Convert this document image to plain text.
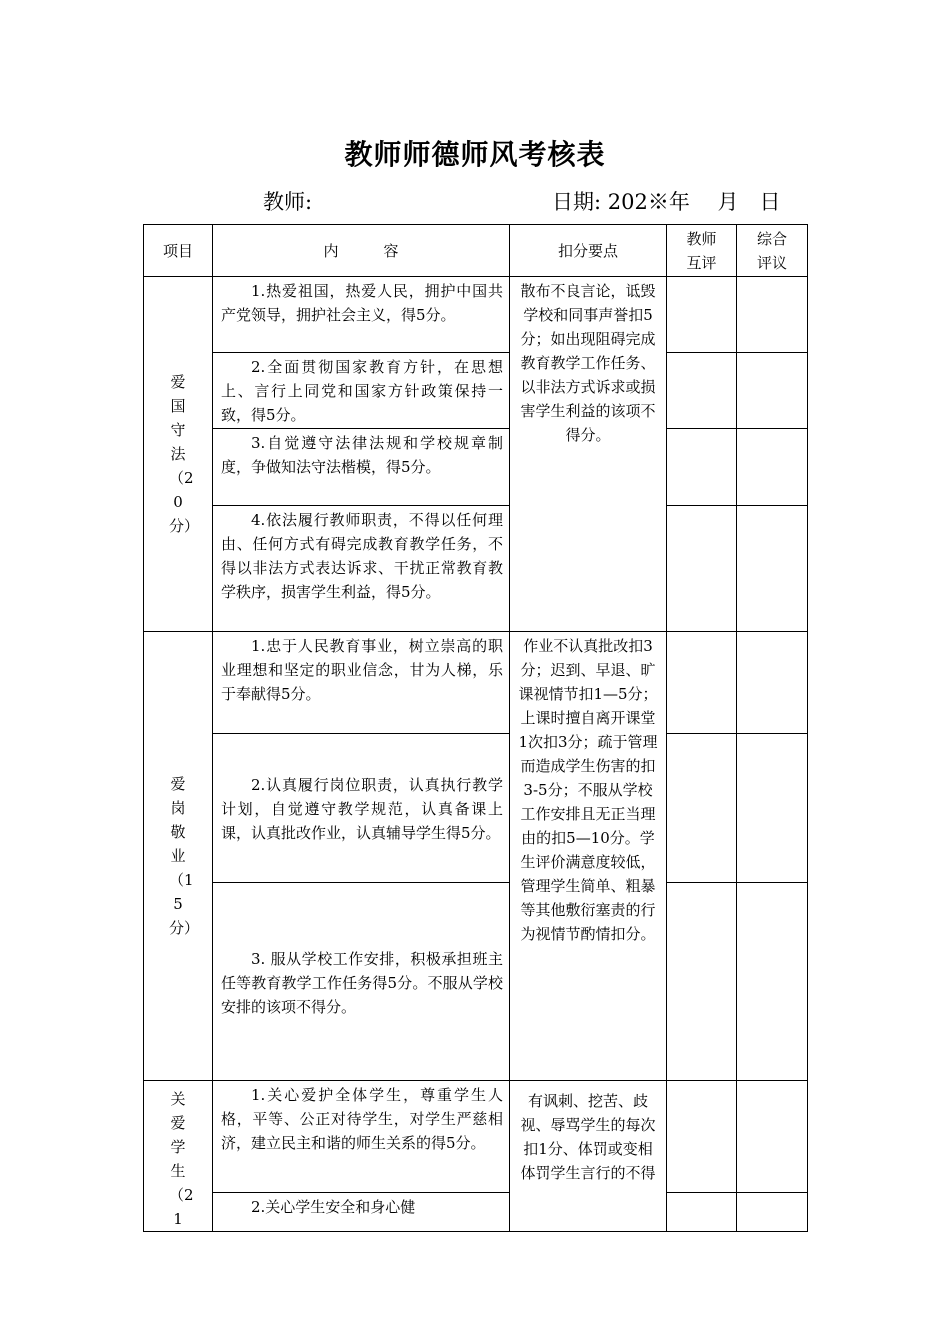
教师师德师风考核表
教师:	日期: 202※年　 月　日
项目	内　　　容	扣分要点	教师互评	综合评议

爱国守法（20分）	1.热爱祖国，热爱人民，拥护中国共产党领导，拥护社会主义，得5分。	散布不良言论，诋毁学校和同事声誉扣5分；如出现阻碍完成教育教学工作任务、以非法方式诉求或损害学生利益的该项不得分。		
	2.全面贯彻国家教育方针，在思想上、言行上同党和国家方针政策保持一致，得5分。			
	3.自觉遵守法律法规和学校规章制度，争做知法守法楷模，得5分。			
	4.依法履行教师职责，不得以任何理由、任何方式有碍完成教育教学任务，不得以非法方式表达诉求、干扰正常教育教学秩序，损害学生利益，得5分。			

爱岗敬业（15分）	1.忠于人民教育事业，树立崇高的职业理想和坚定的职业信念，甘为人梯，乐于奉献得5分。	作业不认真批改扣3分；迟到、早退、旷课视情节扣1—5分；上课时擅自离开课堂1次扣3分；疏于管理而造成学生伤害的扣3-5分；不服从学校工作安排且无正当理由的扣5—10分。学生评价满意度较低，管理学生简单、粗暴等其他敷衍塞责的行为视情节酌情扣分。		
	2.认真履行岗位职责，认真执行教学计划，自觉遵守教学规范，认真备课上课，认真批改作业，认真辅导学生得5分。			
	3. 服从学校工作安排，积极承担班主任等教育教学工作任务得5分。不服从学校安排的该项不得分。			

关爱学生（21	1.关心爱护全体学生，尊重学生人格，平等、公正对待学生，对学生严慈相济，建立民主和谐的师生关系的得5分。	有讽刺、挖苦、歧视、辱骂学生的每次扣1分、体罚或变相体罚学生言行的不得		
	2.关心学生安全和身心健			
